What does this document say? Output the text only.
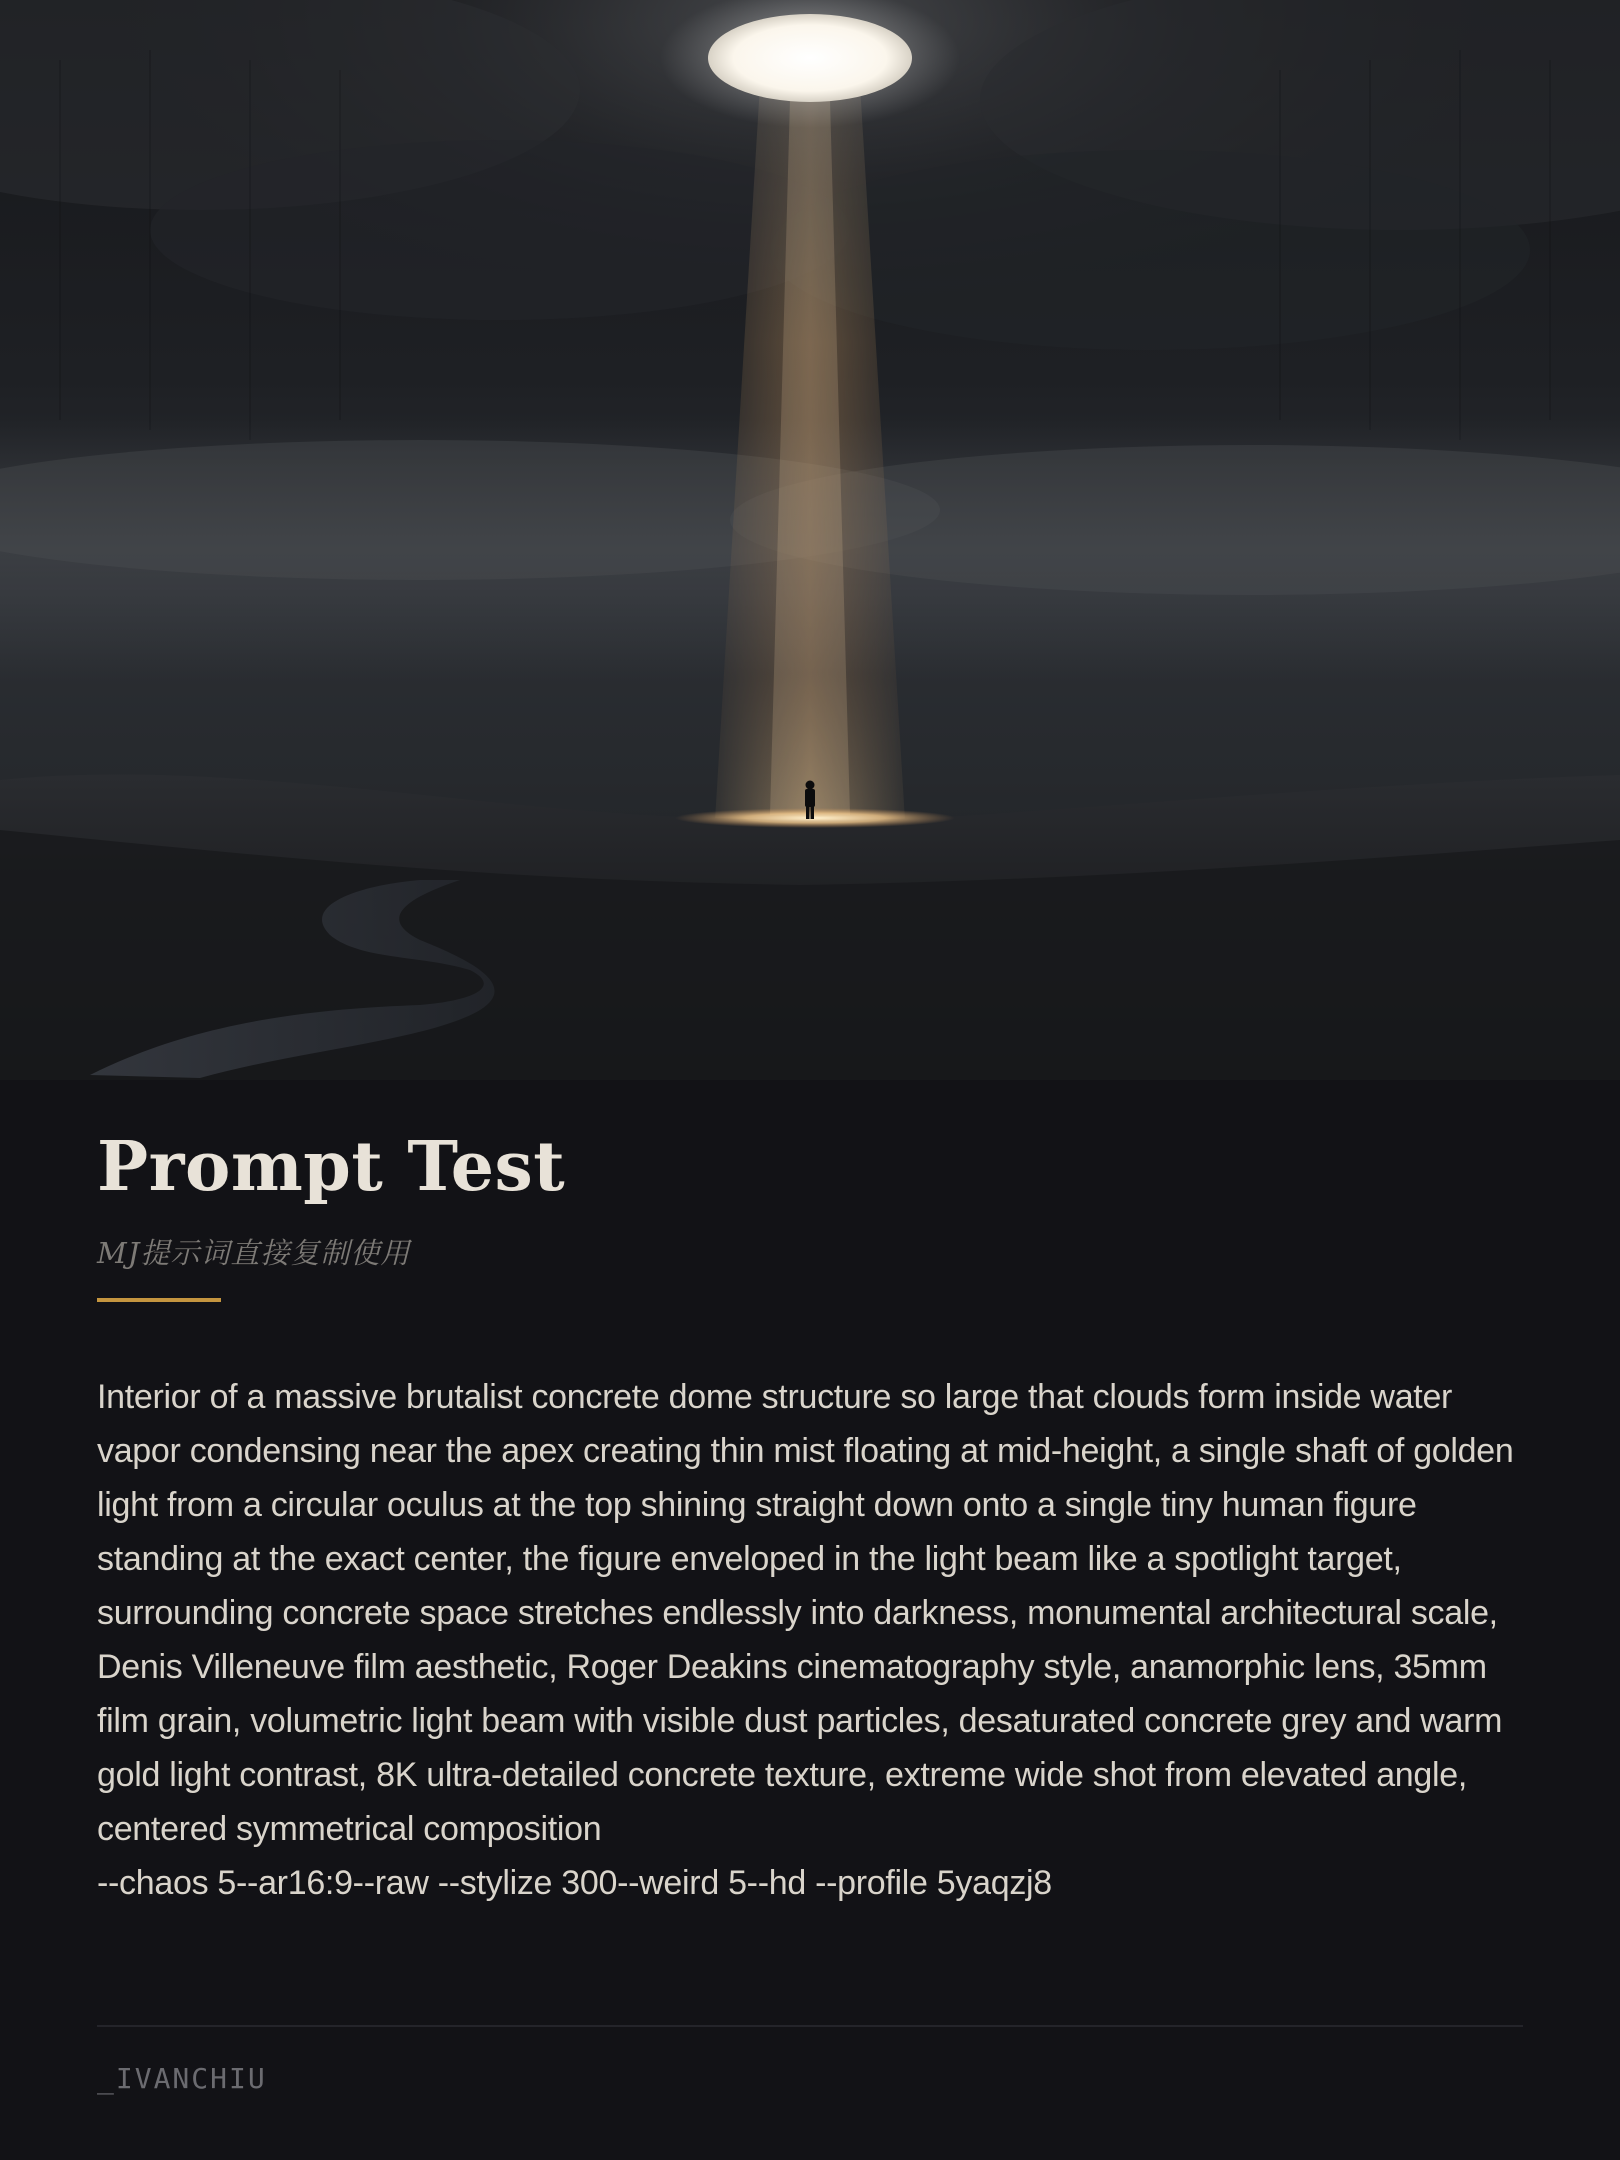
Prompt Test
MJ提示词直接复制使用
Interior of a massive brutalist concrete dome structure so large that clouds form inside water vapor condensing near the apex creating thin mist floating at mid-height, a single shaft of golden light from a circular oculus at the top shining straight down onto a single tiny human figure standing at the exact center, the figure enveloped in the light beam like a spotlight target, surrounding concrete space stretches endlessly into darkness, monumental architectural scale, Denis Villeneuve film aesthetic, Roger Deakins cinematography style, anamorphic lens, 35mm film grain, volumetric light beam with visible dust particles, desaturated concrete grey and warm gold light contrast, 8K ultra-detailed concrete texture, extreme wide shot from elevated angle, centered symmetrical composition
--chaos 5--ar16:9--raw --stylize 300--weird 5--hd --profile 5yaqzj8
_IVANCHIU
